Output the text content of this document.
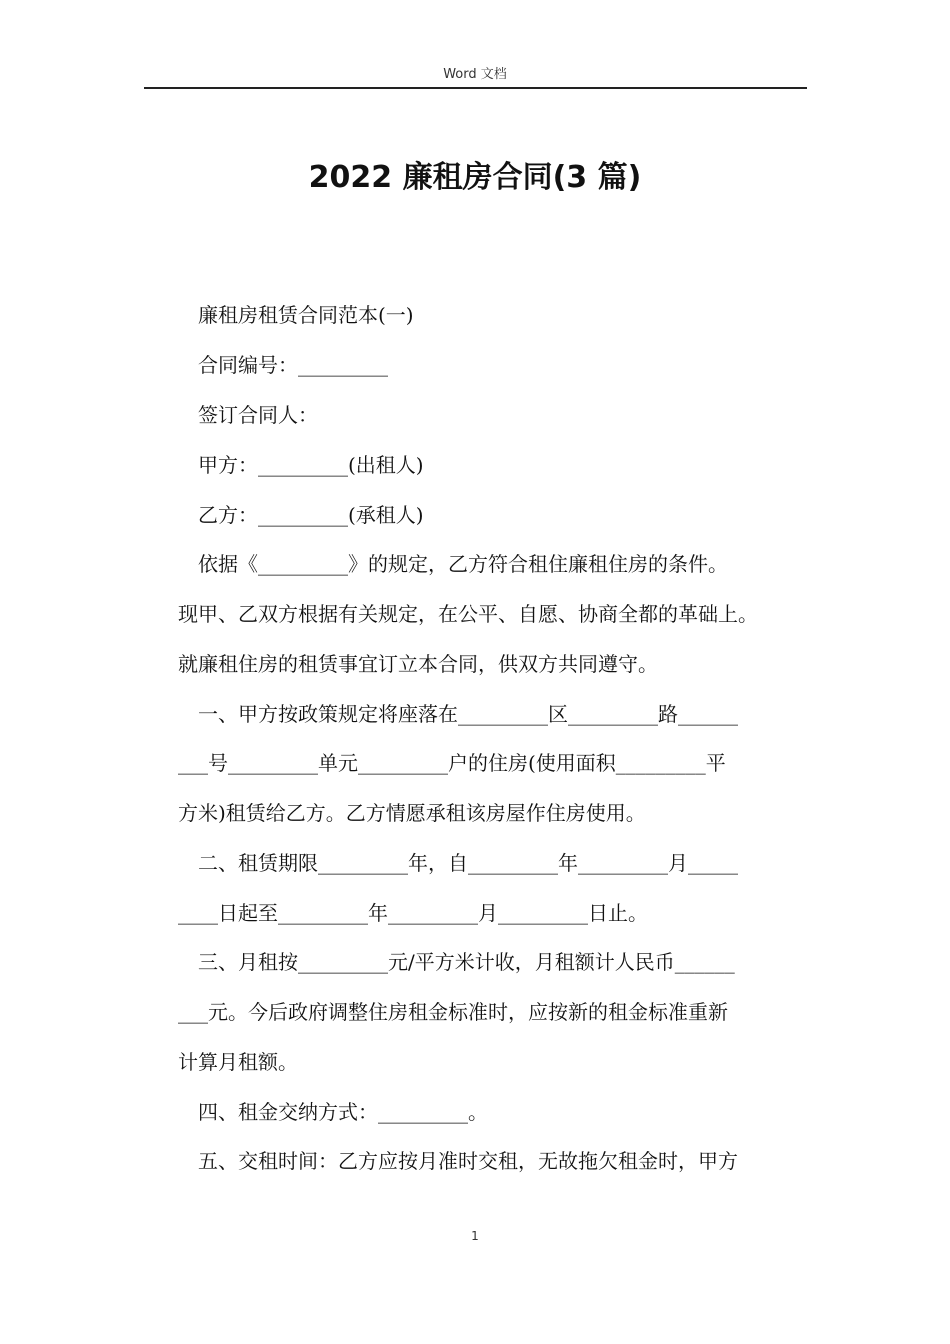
Word 文档
2022 廉租房合同(3 篇)
廉租房租赁合同范本(一)
合同编号：_________
签订合同人：
甲方：_________(出租人)
乙方：_________(承租人)
依据《_________》的规定，乙方符合租住廉租住房的条件。
现甲、乙双方根据有关规定，在公平、自愿、协商全都的革础上。
就廉租住房的租赁事宜订立本合同，供双方共同遵守。
一、甲方按政策规定将座落在_________区_________路______
___号_________单元_________户的住房(使用面积_________平
方米)租赁给乙方。乙方情愿承租该房屋作住房使用。
二、租赁期限_________年，自_________年_________月_____
____日起至_________年_________月_________日止。
三、月租按_________元/平方米计收，月租额计人民币______
___元。今后政府调整住房租金标准时，应按新的租金标准重新
计算月租额。
四、租金交纳方式：_________。
五、交租时间：乙方应按月准时交租，无故拖欠租金时，甲方
1
